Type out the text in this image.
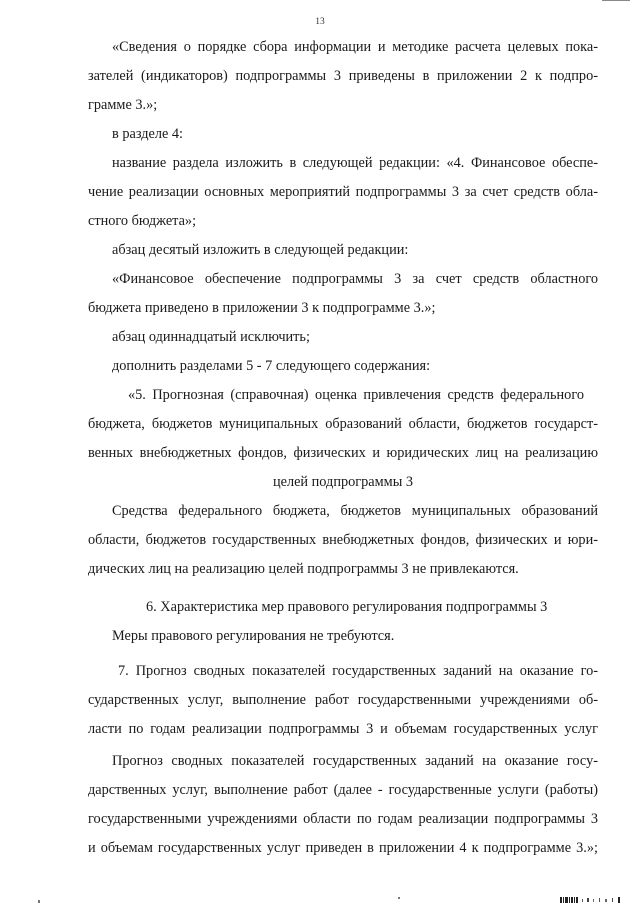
13
«Сведения о порядке сбора информации и методике расчета целевых пока-
зателей (индикаторов) подпрограммы 3 приведены в приложении 2 к подпро-
грамме 3.»;
в разделе 4:
название раздела изложить в следующей редакции: «4. Финансовое обеспе-
чение реализации основных мероприятий подпрограммы 3 за счет средств обла-
стного бюджета»;
абзац десятый изложить в следующей редакции:
«Финансовое обеспечение подпрограммы 3 за счет средств областного
бюджета приведено в приложении 3 к подпрограмме 3.»;
абзац одиннадцатый исключить;
дополнить разделами 5 - 7 следующего содержания:
«5. Прогнозная (справочная) оценка привлечения средств федерального
бюджета, бюджетов муниципальных образований области, бюджетов государст-
венных внебюджетных фондов, физических и юридических лиц на реализацию
целей подпрограммы 3
Средства федерального бюджета, бюджетов муниципальных образований
области, бюджетов государственных внебюджетных фондов, физических и юри-
дических лиц на реализацию целей подпрограммы 3 не привлекаются.
6. Характеристика мер правового регулирования подпрограммы 3
Меры правового регулирования не требуются.
7. Прогноз сводных показателей государственных заданий на оказание го-
сударственных услуг, выполнение работ государственными учреждениями об-
ласти по годам реализации подпрограммы 3 и объемам государственных услуг
Прогноз сводных показателей государственных заданий на оказание госу-
дарственных услуг, выполнение работ (далее - государственные услуги (работы)
государственными учреждениями области по годам реализации подпрограммы 3
и объемам государственных услуг приведен в приложении 4 к подпрограмме 3.»;
